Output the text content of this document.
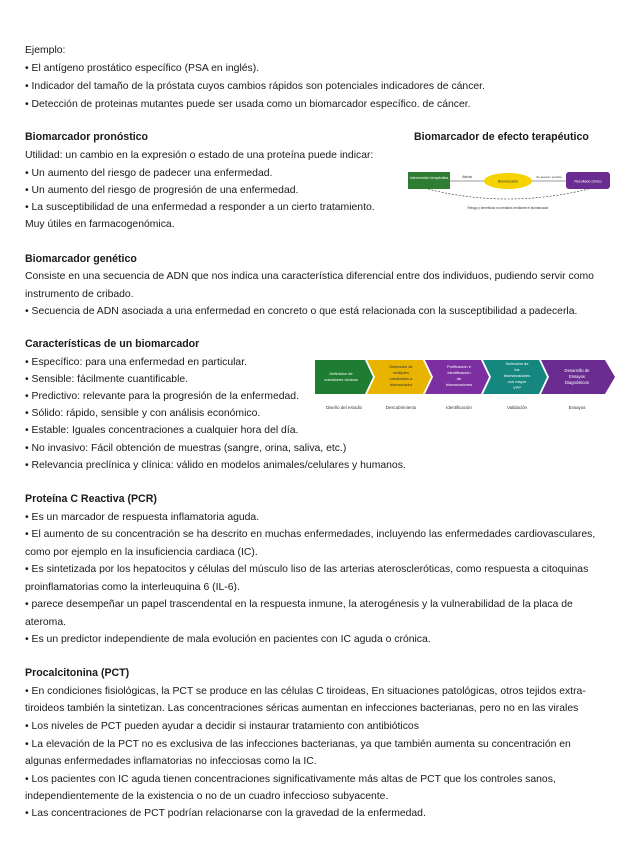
Ejemplo:
• El antígeno prostático específico (PSA en inglés).
• Indicador del tamaño de la próstata cuyos cambios rápidos son potenciales indicadores de cáncer.
• Detección de proteinas mutantes puede ser usada como un biomarcador específico. de cáncer.
Biomarcador pronóstico
Utilidad: un cambio en la expresión o estado de una proteína puede indicar:
• Un aumento del riesgo de padecer una enfermedad.
• Un aumento del riesgo de progresión de una enfermedad.
• La susceptibilidad de una enfermedad a responder a un cierto tratamiento.
Muy útiles en farmacogenómica.
Biomarcador de efecto terapéutico
Intervención terapéutica
Biomarcador	Resultado clínico
Afecta	Se asocia / predice
Riesgo y beneficios no medidos mediante el biomarcador
Biomarcador genético
Consiste en una secuencia de ADN que nos indica una característica diferencial entre dos individuos, pudiendo servir como
instrumento de cribado.
• Secuencia de ADN asociada a una enfermedad en concreto o que está relacionada con la susceptibilidad a padecerla.
Características de un biomarcador
• Específico: para una enfermedad en particular.
• Sensible: fácilmente cuantificable.
• Predictivo: relevante para la progresión de la enfermedad.
• Sólido: rápido, sensible y con análisis económico.
• Estable: Iguales concentraciones a cualquier hora del día.
• No invasivo: Fácil obtención de muestras (sangre, orina, saliva, etc.)
• Relevancia preclínica y clínica: válido en modelos animales/celulares y humanos.
Definición de cuestiones clínicas
Detección de múltiples candidatos a biomarcador
Purificación e identificación de biomarcadores
Selección de los biomarcadores con mayor VPP
Desarrollo de Ensayos Diagnósticos
Diseño del estudio	Descubrimiento	Identificación	Validación	Ensayos
Proteína C Reactiva (PCR)
• Es un marcador de respuesta inflamatoria aguda.
• El aumento de su concentración se ha descrito en muchas enfermedades, incluyendo las enfermedades cardiovasculares,
como por ejemplo en la insuficiencia cardiaca (IC).
• Es sintetizada por los hepatocitos y células del músculo liso de las arterias ateroscleróticas, como respuesta a citoquinas
proinflamatorias como la interleuquina 6 (IL-6).
• parece desempeñar un papel trascendental en la respuesta inmune, la aterogénesis y la vulnerabilidad de la placa de
ateroma.
• Es un predictor independiente de mala evolución en pacientes con IC aguda o crónica.
Procalcitonina (PCT)
• En condiciones fisiológicas, la PCT se produce en las células C tiroideas, En situaciones patológicas, otros tejidos extra-
tiroideos también la sintetizan. Las concentraciones séricas aumentan en infecciones bacterianas, pero no en las virales
• Los niveles de PCT pueden ayudar a decidir si instaurar tratamiento con antibióticos
• La elevación de la PCT no es exclusiva de las infecciones bacterianas, ya que también aumenta su concentración en
algunas enfermedades inflamatorias no infecciosas como la IC.
• Los pacientes con IC aguda tienen concentraciones significativamente más altas de PCT que los controles sanos,
independientemente de la existencia o no de un cuadro infeccioso subyacente.
• Las concentraciones de PCT podrían relacionarse con la gravedad de la enfermedad.
